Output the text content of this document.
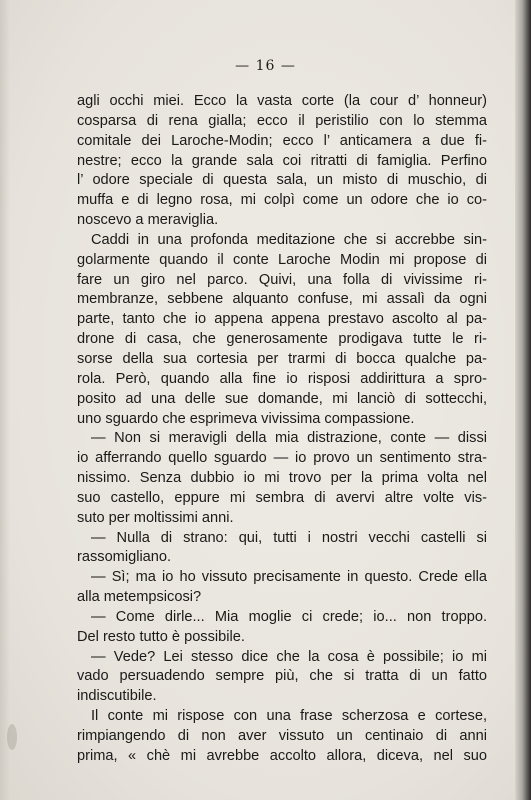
— 16 —
agli occhi miei. Ecco la vasta corte (la cour d’ honneur)
cosparsa di rena gialla; ecco il peristilio con lo stemma
comitale dei Laroche-Modin; ecco l’ anticamera a due fi-
nestre; ecco la grande sala coi ritratti di famiglia. Perfino
l’ odore speciale di questa sala, un misto di muschio, di
muffa e di legno rosa, mi colpì come un odore che io co-
noscevo a meraviglia.
Caddi in una profonda meditazione che si accrebbe sin-
golarmente quando il conte Laroche Modin mi propose di
fare un giro nel parco. Quivi, una folla di vivissime ri-
membranze, sebbene alquanto confuse, mi assalì da ogni
parte, tanto che io appena appena prestavo ascolto al pa-
drone di casa, che generosamente prodigava tutte le ri-
sorse della sua cortesia per trarmi di bocca qualche pa-
rola. Però, quando alla fine io risposi addirittura a spro-
posito ad una delle sue domande, mi lanciò di sottecchi,
uno sguardo che esprimeva vivissima compassione.
— Non si meravigli della mia distrazione, conte — dissi
io afferrando quello sguardo — io provo un sentimento stra-
nissimo. Senza dubbio io mi trovo per la prima volta nel
suo castello, eppure mi sembra di avervi altre volte vis-
suto per moltissimi anni.
— Nulla di strano: qui, tutti i nostri vecchi castelli si
rassomigliano.
— Sì; ma io ho vissuto precisamente in questo. Crede ella
alla metempsicosi?
— Come dirle... Mia moglie ci crede; io... non troppo.
Del resto tutto è possibile.
— Vede? Lei stesso dice che la cosa è possibile; io mi
vado persuadendo sempre più, che si tratta di un fatto
indiscutibile.
Il conte mi rispose con una frase scherzosa e cortese,
rimpiangendo di non aver vissuto un centinaio di anni
prima, « chè mi avrebbe accolto allora, diceva, nel suo
